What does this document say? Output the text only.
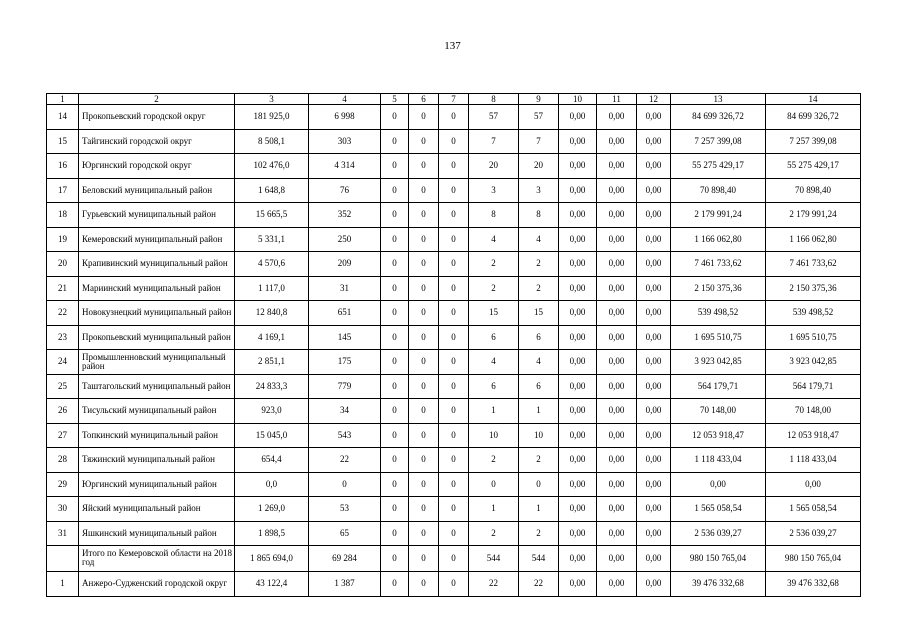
137
1	2	3	4	5	6	7	8	9	10	11	12	13	14
14	Прокопьевский городской округ	181 925,0	6 998	0	0	0	57	57	0,00	0,00	0,00	84 699 326,72	84 699 326,72
15	Тайгинский городской округ	8 508,1	303	0	0	0	7	7	0,00	0,00	0,00	7 257 399,08	7 257 399,08
16	Юргинский городской округ	102 476,0	4 314	0	0	0	20	20	0,00	0,00	0,00	55 275 429,17	55 275 429,17
17	Беловский муниципальный район	1 648,8	76	0	0	0	3	3	0,00	0,00	0,00	70 898,40	70 898,40
18	Гурьевский муниципальный район	15 665,5	352	0	0	0	8	8	0,00	0,00	0,00	2 179 991,24	2 179 991,24
19	Кемеровский муниципальный район	5 331,1	250	0	0	0	4	4	0,00	0,00	0,00	1 166 062,80	1 166 062,80
20	Крапивинский муниципальный район	4 570,6	209	0	0	0	2	2	0,00	0,00	0,00	7 461 733,62	7 461 733,62
21	Мариинский муниципальный район	1 117,0	31	0	0	0	2	2	0,00	0,00	0,00	2 150 375,36	2 150 375,36
22	Новокузнецкий муниципальный район	12 840,8	651	0	0	0	15	15	0,00	0,00	0,00	539 498,52	539 498,52
23	Прокопьевский муниципальный район	4 169,1	145	0	0	0	6	6	0,00	0,00	0,00	1 695 510,75	1 695 510,75
24	Промышленновский муниципальный район	2 851,1	175	0	0	0	4	4	0,00	0,00	0,00	3 923 042,85	3 923 042,85
25	Таштагольский муниципальный район	24 833,3	779	0	0	0	6	6	0,00	0,00	0,00	564 179,71	564 179,71
26	Тисульский муниципальный район	923,0	34	0	0	0	1	1	0,00	0,00	0,00	70 148,00	70 148,00
27	Топкинский муниципальный район	15 045,0	543	0	0	0	10	10	0,00	0,00	0,00	12 053 918,47	12 053 918,47
28	Тяжинский муниципальный район	654,4	22	0	0	0	2	2	0,00	0,00	0,00	1 118 433,04	1 118 433,04
29	Юргинский муниципальный район	0,0	0	0	0	0	0	0	0,00	0,00	0,00	0,00	0,00
30	Яйский муниципальный район	1 269,0	53	0	0	0	1	1	0,00	0,00	0,00	1 565 058,54	1 565 058,54
31	Яшкинский муниципальный район	1 898,5	65	0	0	0	2	2	0,00	0,00	0,00	2 536 039,27	2 536 039,27
	Итого по Кемеровской области на 2018 год	1 865 694,0	69 284	0	0	0	544	544	0,00	0,00	0,00	980 150 765,04	980 150 765,04
1	Анжеро-Судженский городской округ	43 122,4	1 387	0	0	0	22	22	0,00	0,00	0,00	39 476 332,68	39 476 332,68
